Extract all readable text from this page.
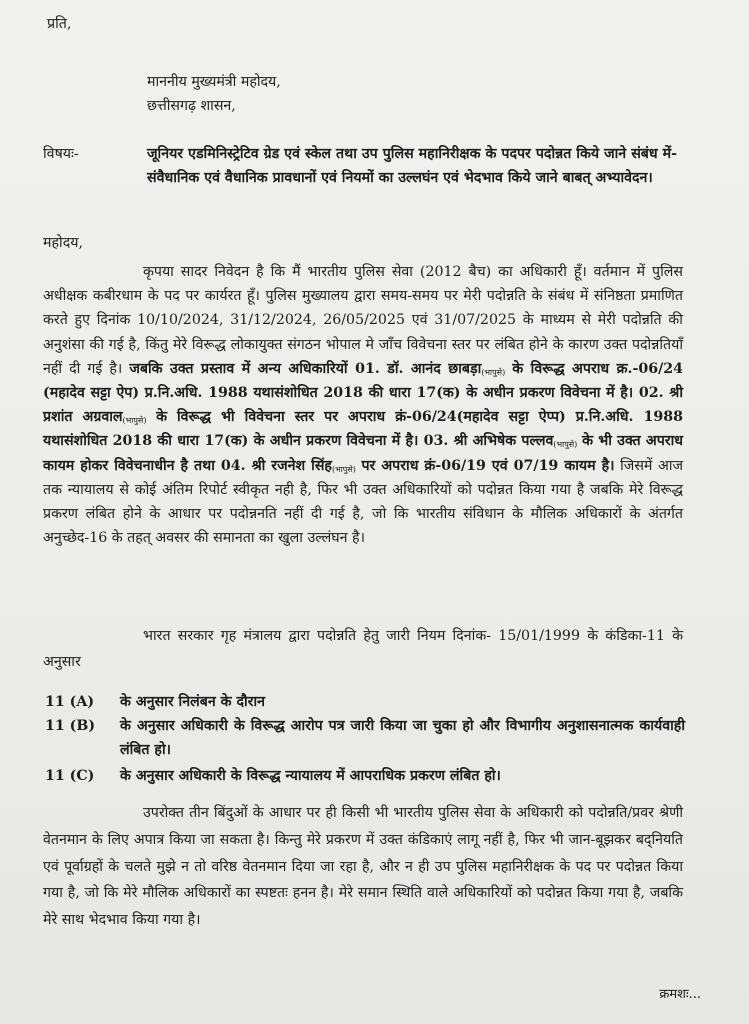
प्रति,
माननीय मुख्यमंत्री महोदय,
छत्तीसगढ़ शासन,
विषयः-	जूनियर एडमिनिस्ट्रेटिव ग्रेड एवं स्केल तथा उप पुलिस महानिरीक्षक के पदपर पदोन्नत किये जाने संबंध में- संवैधानिक एवं वैधानिक प्रावधानों एवं नियमों का उल्लघंन एवं भेदभाव किये जाने बाबत् अभ्यावेदन।
महोदय,
कृपया सादर निवेदन है कि मैं भारतीय पुलिस सेवा (2012 बैच) का अधिकारी हूँ। वर्तमान में पुलिस अधीक्षक कबीरधाम के पद पर कार्यरत हूँ। पुलिस मुख्यालय द्वारा समय-समय पर मेरी पदोन्नति के संबंध में संनिष्ठता प्रमाणित करते हुए दिनांक 10/10/2024, 31/12/2024, 26/05/2025 एवं 31/07/2025 के माध्यम से मेरी पदोन्नति की अनुशंसा की गई है, किंतु मेरे विरूद्ध लोकायुक्त संगठन भोपाल मे जाँच विवेचना स्तर पर लंबित होने के कारण उक्त पदोन्नतियाँ नहीं दी गई है। जबकि उक्त प्रस्ताव में अन्य अधिकारियों 01. डॉ. आनंद $छाबड़ा_{(भापुसे)}$ के विरूद्ध अपराध क्र.-06/24 (महादेव सट्टा ऐप) प्र.नि.अधि. 1988 यथासंशोधित 2018 की धारा 17(क) के अधीन प्रकरण विवेचना में है। 02. श्री प्रशांत अग्रवाल$_{(भापुसे)}$ के विरूद्ध भी विवेचना स्तर पर अपराध क्रं-06/24(महादेव सट्टा ऐप्प) प्र.नि.अधि. 1988 यथासंशोधित 2018 की धारा 17(क) के अधीन प्रकरण विवेचना में है। 03. श्री अभिषेक पल्लव$_{(भापुसे)}$ के भी उक्त अपराध कायम होकर विवेचनाधीन है तथा 04. श्री रजनेश सिंह$_{(भापुसे)}$ पर अपराध क्रं-06/19 एवं 07/19 कायम है। जिसमें आज तक न्यायालय से कोई अंतिम रिपोर्ट स्वीकृत नही है, फिर भी उक्त अधिकारियों को पदोन्नत किया गया है जबकि मेरे विरूद्ध प्रकरण लंबित होने के आधार पर पदोन्ननति नहीं दी गई है, जो कि भारतीय संविधान के मौलिक अधिकारों के अंतर्गत अनुच्छेद-16 के तहत् अवसर की समानता का खुला उल्लंघन है।
भारत सरकार गृह मंत्रालय द्वारा पदोन्नति हेतु जारी नियम दिनांक- 15/01/1999 के कंडिका-11 के अनुसार
11 (A)	के अनुसार निलंबन के दौरान
11 (B)	के अनुसार अधिकारी के विरूद्ध आरोप पत्र जारी किया जा चुका हो और विभागीय अनुशासनात्मक कार्यवाही लंबित हो।
11 (C)	के अनुसार अधिकारी के विरूद्ध न्यायालय में आपराधिक प्रकरण लंबित हो।
उपरोक्त तीन बिंदुओं के आधार पर ही किसी भी भारतीय पुलिस सेवा के अधिकारी को पदोन्नति/प्रवर श्रेणी वेतनमान के लिए अपात्र किया जा सकता है। किन्तु मेरे प्रकरण में उक्त कंडिकाएं लागू नहीं है, फिर भी जान-बूझकर बद्नियति एवं पूर्वाग्रहों के चलते मुझे न तो वरिष्ठ वेतनमान दिया जा रहा है, और न ही उप पुलिस महानिरीक्षक के पद पर पदोन्नत किया गया है, जो कि मेरे मौलिक अधिकारों का स्पष्टतः हनन है। मेरे समान स्थिति वाले अधिकारियों को पदोन्नत किया गया है, जबकि मेरे साथ भेदभाव किया गया है।
क्रमशः...
